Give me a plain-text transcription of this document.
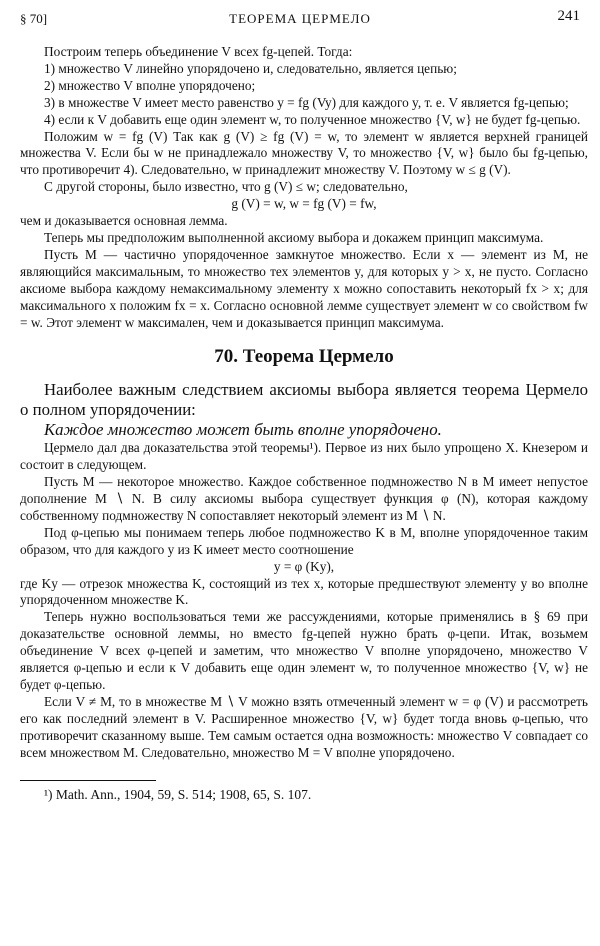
§ 70]	ТЕОРЕМА ЦЕРМЕЛО	241

Построим теперь объединение V всех fg-цепей. Тогда:

1) множество V линейно упорядочено и, следовательно, является цепью;

2) множество V вполне упорядочено;

3) в множестве V имеет место равенство y = fg (Vy) для каждого y, т. е. V является fg-цепью;

4) если к V добавить еще один элемент w, то полученное множество {V, w} не будет fg-цепью.

Положим w = fg (V) Так как g (V) ≥ fg (V) = w, то элемент w является верхней границей множества V. Если бы w не принадлежало множеству V, то множество {V, w} было бы fg-цепью, что противоречит 4). Следовательно, w принадлежит множеству V. Поэтому w ≤ g (V).

С другой стороны, было известно, что g (V) ≤ w; следовательно,

g (V) = w, w = fg (V) = fw,

чем и доказывается основная лемма.

Теперь мы предположим выполненной аксиому выбора и докажем принцип максимума.

Пусть M — частично упорядоченное замкнутое множество. Если x — элемент из M, не являющийся максимальным, то множество тех элементов y, для которых y > x, не пусто. Согласно аксиоме выбора каждому немаксимальному элементу x можно сопоставить некоторый fx > x; для максимального x положим fx = x. Согласно основной лемме существует элемент w со свойством fw = w. Этот элемент w максимален, чем и доказывается принцип максимума.

70. Теорема Цермело

Наиболее важным следствием аксиомы выбора является теорема Цермело о полном упорядочении:

Каждое множество может быть вполне упорядочено.

Цермело дал два доказательства этой теоремы¹). Первое из них было упрощено Х. Кнезером и состоит в следующем.

Пусть M — некоторое множество. Каждое собственное подмножество N в M имеет непустое дополнение M ∖ N. В силу аксиомы выбора существует функция φ (N), которая каждому собственному подмножеству N сопоставляет некоторый элемент из M ∖ N.

Под φ-цепью мы понимаем теперь любое подмножество K в M, вполне упорядоченное таким образом, что для каждого y из K имеет место соотношение

y = φ (Ky),

где Ky — отрезок множества K, состоящий из тех x, которые предшествуют элементу y во вполне упорядоченном множестве K.

Теперь нужно воспользоваться теми же рассуждениями, которые применялись в § 69 при доказательстве основной леммы, но вместо fg-цепей нужно брать φ-цепи. Итак, возьмем объединение V всех φ-цепей и заметим, что множество V вполне упорядочено, множество V является φ-цепью и если к V добавить еще один элемент w, то полученное множество {V, w} не будет φ-цепью.

Если V ≠ M, то в множестве M ∖ V можно взять отмеченный элемент w = φ (V) и рассмотреть его как последний элемент в V. Расширенное множество {V, w} будет тогда вновь φ-цепью, что противоречит сказанному выше. Тем самым остается одна возможность: множество V совпадает со всем множеством M. Следовательно, множество M = V вполне упорядочено.

¹) Math. Ann., 1904, 59, S. 514; 1908, 65, S. 107.
